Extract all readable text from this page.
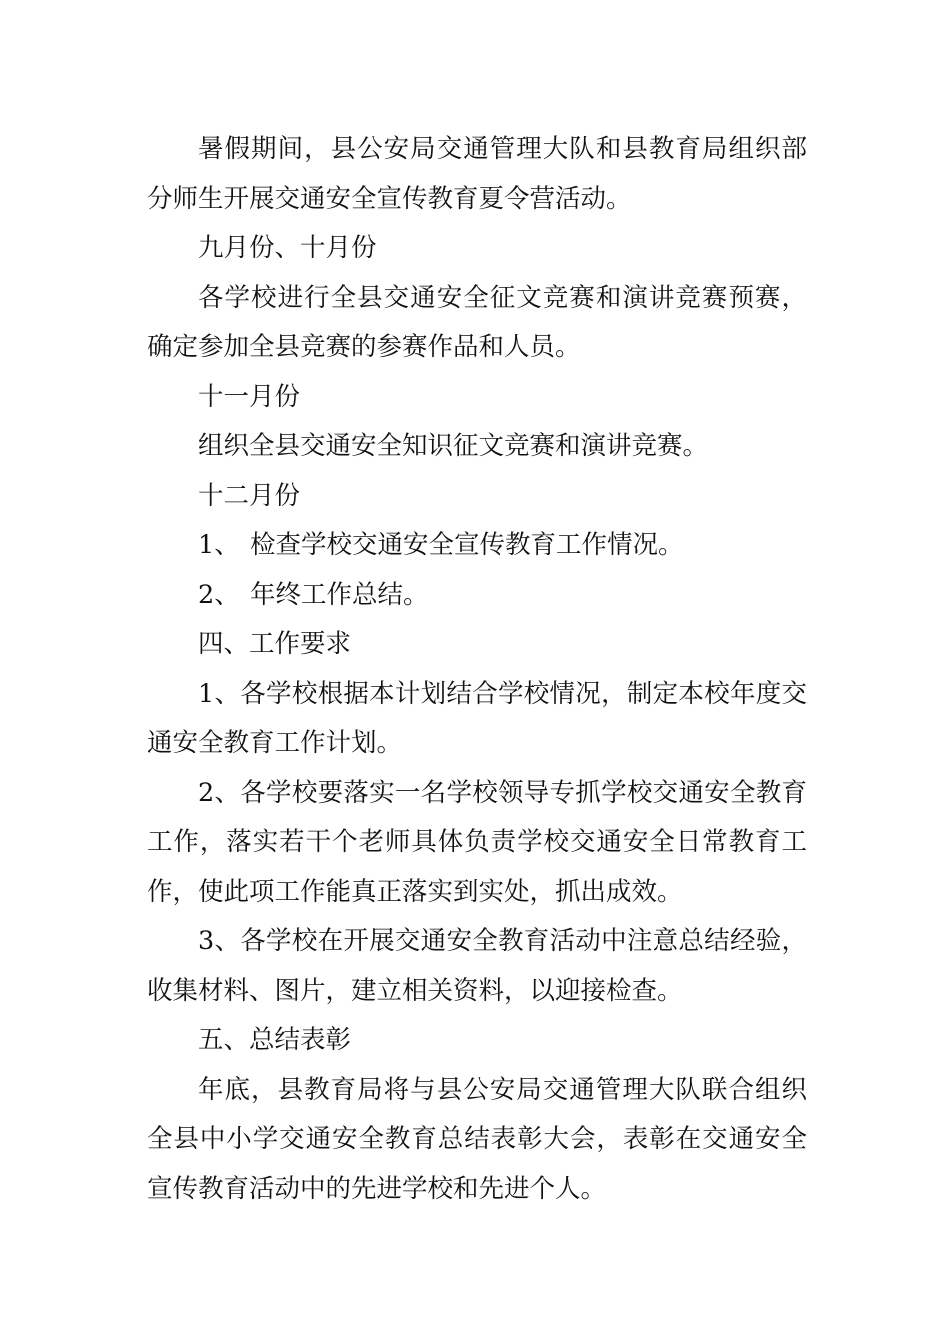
暑假期间，县公安局交通管理大队和县教育局组织部分师生开展交通安全宣传教育夏令营活动。

九月份、十月份

各学校进行全县交通安全征文竞赛和演讲竞赛预赛，确定参加全县竞赛的参赛作品和人员。

十一月份

组织全县交通安全知识征文竞赛和演讲竞赛。

十二月份

1、 检查学校交通安全宣传教育工作情况。

2、 年终工作总结。

四、工作要求

1、各学校根据本计划结合学校情况，制定本校年度交通安全教育工作计划。

2、各学校要落实一名学校领导专抓学校交通安全教育工作，落实若干个老师具体负责学校交通安全日常教育工作，使此项工作能真正落实到实处，抓出成效。

3、各学校在开展交通安全教育活动中注意总结经验，收集材料、图片，建立相关资料，以迎接检查。

五、总结表彰

年底，县教育局将与县公安局交通管理大队联合组织全县中小学交通安全教育总结表彰大会，表彰在交通安全宣传教育活动中的先进学校和先进个人。
